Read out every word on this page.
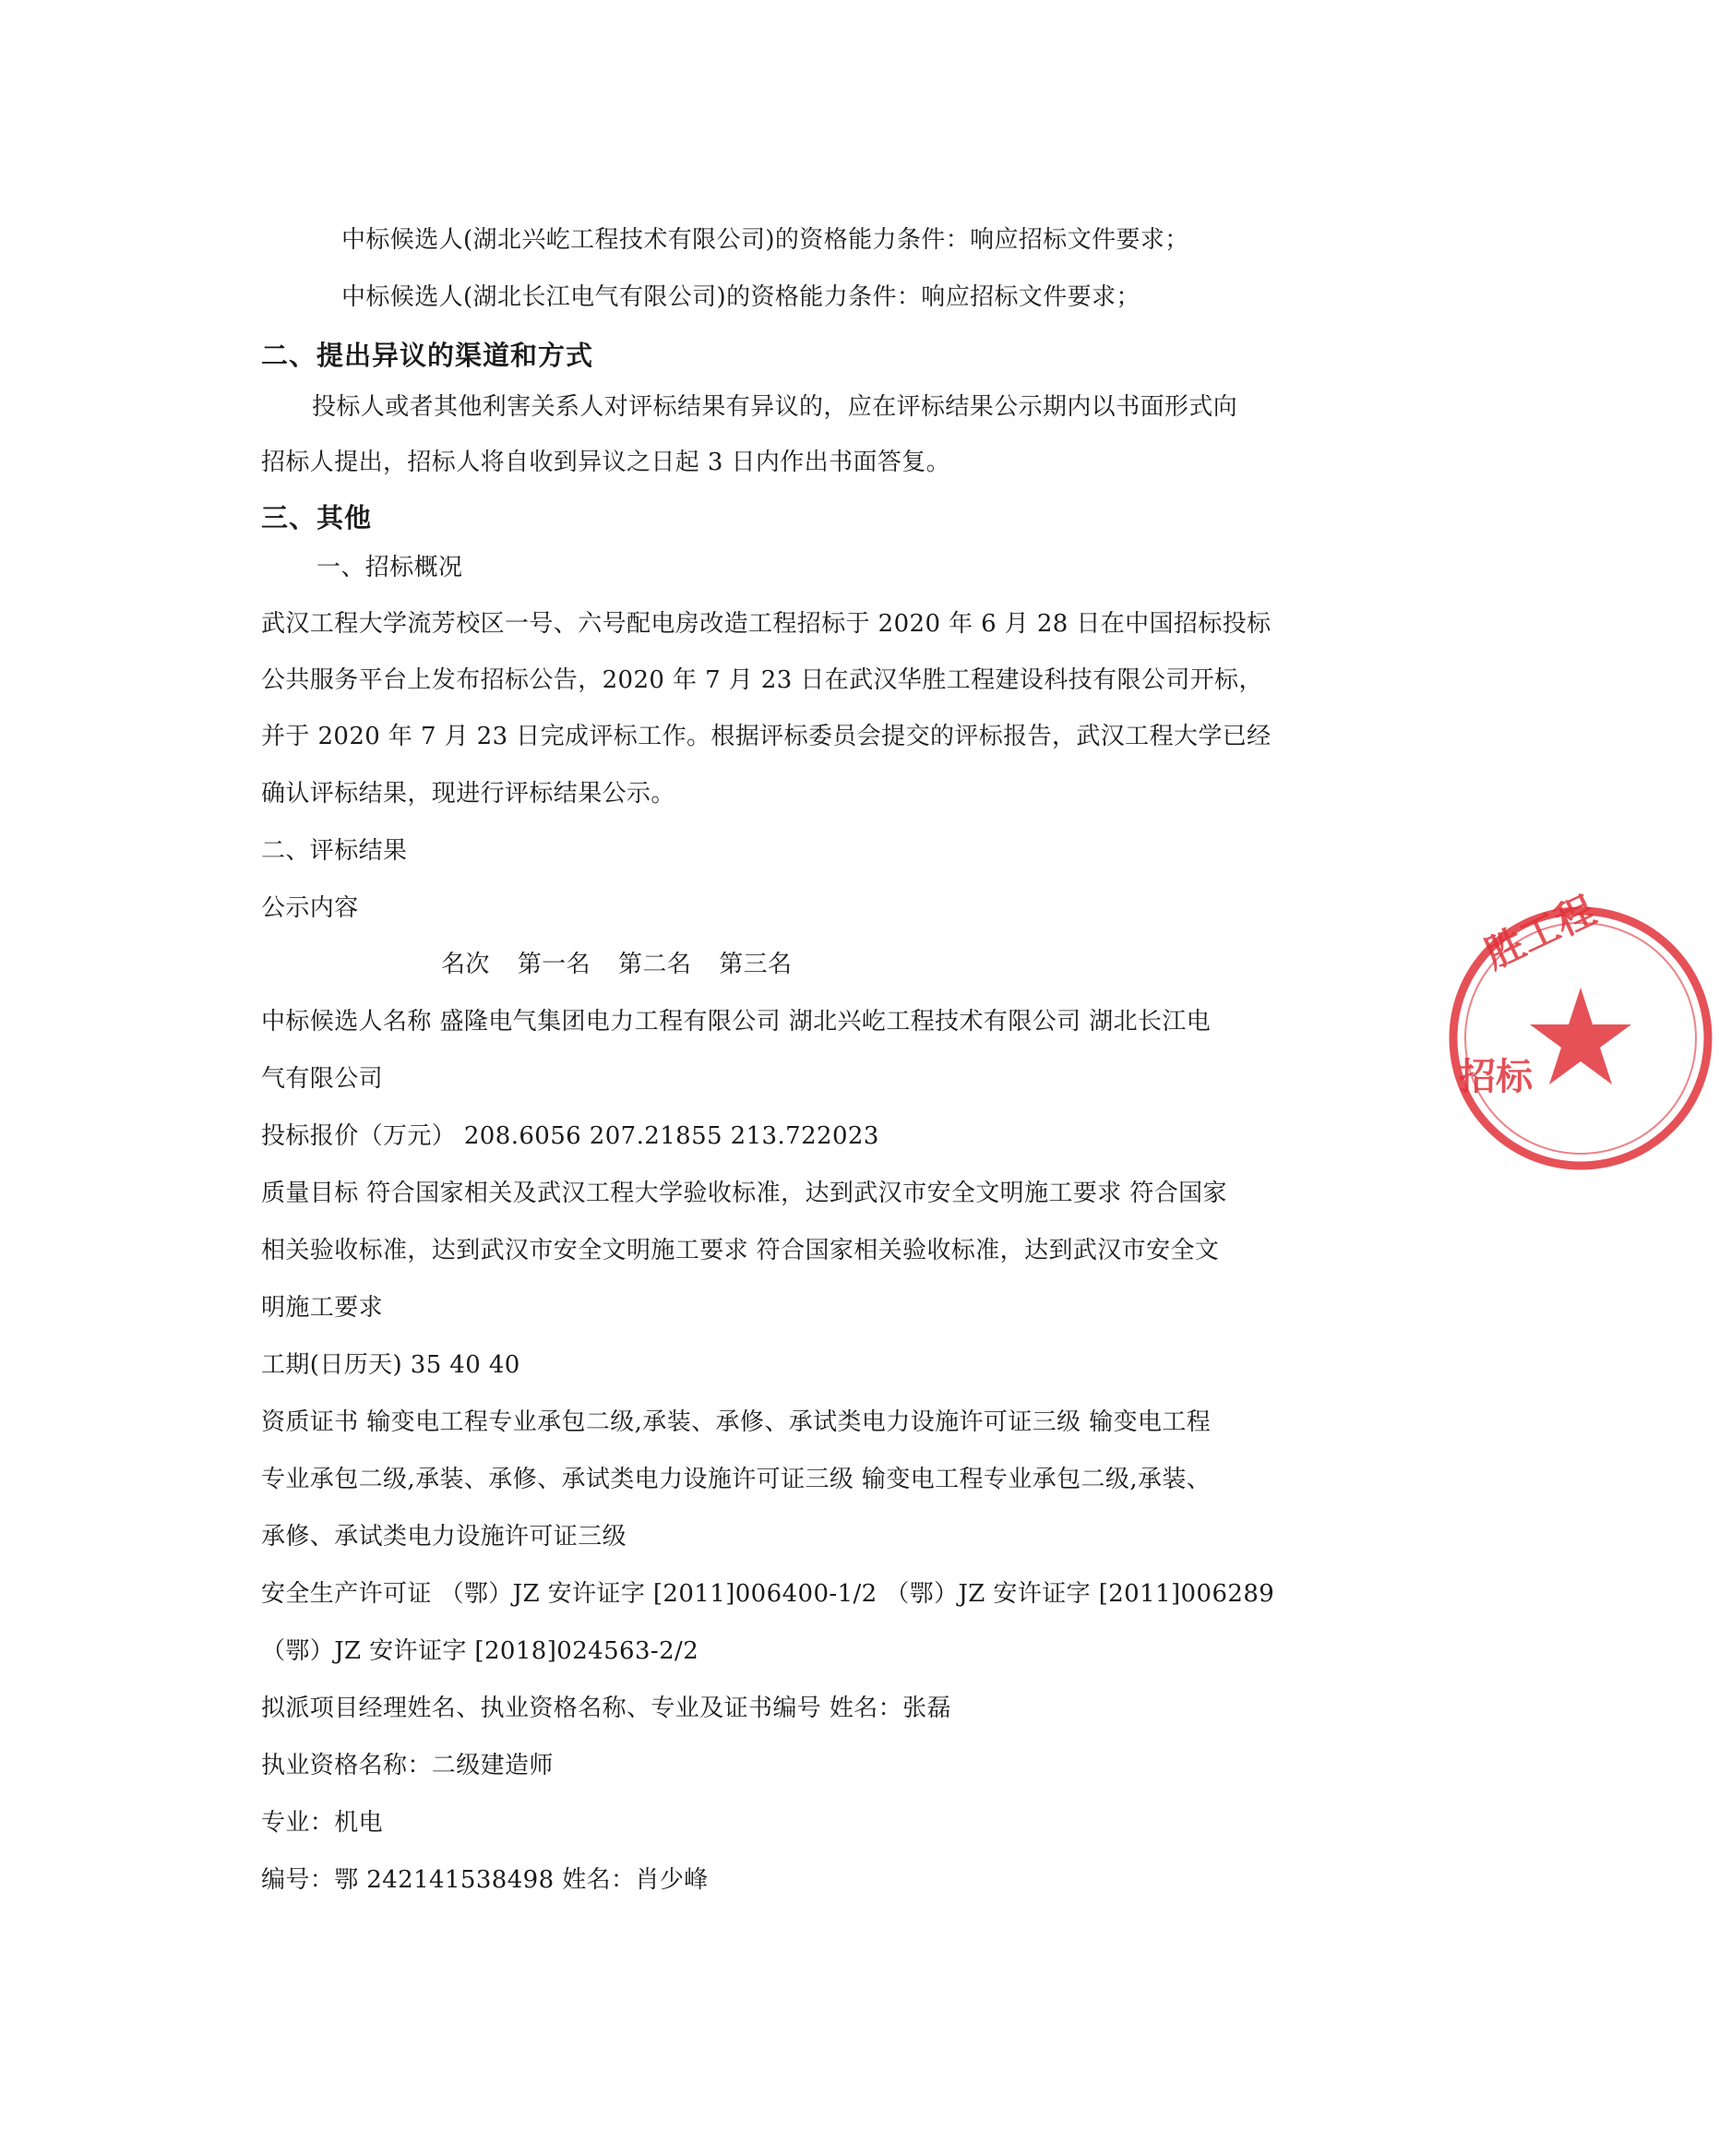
中标候选人(湖北兴屹工程技术有限公司)的资格能力条件：响应招标文件要求；
中标候选人(湖北长江电气有限公司)的资格能力条件：响应招标文件要求；
二、提出异议的渠道和方式
投标人或者其他利害关系人对评标结果有异议的，应在评标结果公示期内以书面形式向
招标人提出，招标人将自收到异议之日起 3 日内作出书面答复。
三、其他
一、招标概况
武汉工程大学流芳校区一号、六号配电房改造工程招标于 2020 年 6 月 28 日在中国招标投标
公共服务平台上发布招标公告，2020 年 7 月 23 日在武汉华胜工程建设科技有限公司开标，
并于 2020 年 7 月 23 日完成评标工作。根据评标委员会提交的评标报告，武汉工程大学已经
确认评标结果，现进行评标结果公示。
二、评标结果
公示内容
名次 第一名 第二名 第三名
中标候选人名称 盛隆电气集团电力工程有限公司 湖北兴屹工程技术有限公司 湖北长江电
气有限公司
投标报价（万元） 208.6056 207.21855 213.722023
质量目标 符合国家相关及武汉工程大学验收标准，达到武汉市安全文明施工要求 符合国家
相关验收标准，达到武汉市安全文明施工要求 符合国家相关验收标准，达到武汉市安全文
明施工要求
工期(日历天) 35 40 40
资质证书 输变电工程专业承包二级,承装、承修、承试类电力设施许可证三级 输变电工程
专业承包二级,承装、承修、承试类电力设施许可证三级 输变电工程专业承包二级,承装、
承修、承试类电力设施许可证三级
安全生产许可证 （鄂）JZ 安许证字 [2011]006400-1/2 （鄂）JZ 安许证字 [2011]006289
（鄂）JZ 安许证字 [2018]024563-2/2
拟派项目经理姓名、执业资格名称、专业及证书编号 姓名：张磊
执业资格名称：二级建造师
专业：机电
编号：鄂 242141538498 姓名：肖少峰
胜工程
招标
